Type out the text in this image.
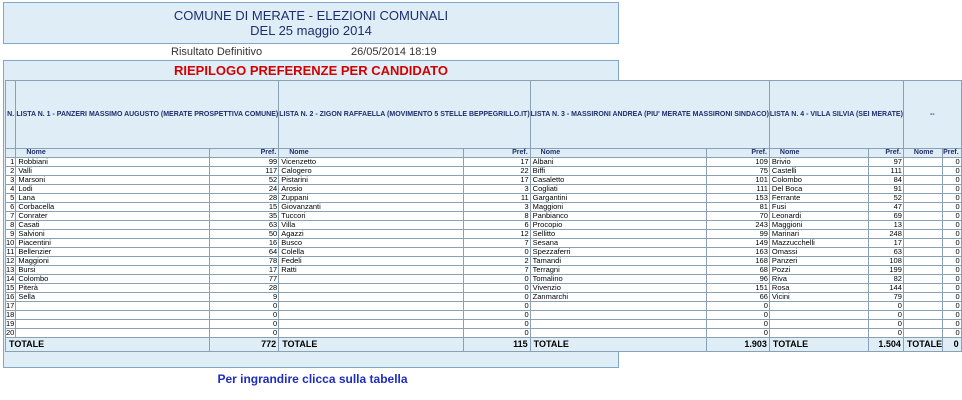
COMUNE DI MERATE - ELEZIONI COMUNALI
DEL 25 maggio 2014
Risultato Definitivo	26/05/2014 18:19
RIEPILOGO PREFERENZE PER CANDIDATO
N.	LISTA N. 1 - PANZERI MASSIMO AUGUSTO (MERATE PROSPETTIVA COMUNE)		LISTA N. 2 - ZIGON RAFFAELLA (MOVIMENTO 5 STELLE BEPPEGRILLO.IT)		LISTA N. 3 - MASSIRONI ANDREA (PIU' MERATE MASSIRONI SINDACO)		LISTA N. 4 - VILLA SILVIA (SEI MERATE)		--	
	Nome	Pref.	Nome	Pref.	Nome	Pref.	Nome	Pref.	Nome	Pref.
1	Robbiani	99	Vicenzetto	17	Albani	109	Brivio	97		0
2	Valli	117	Calogero	22	Biffi	75	Castelli	111		0
3	Marsoni	52	Pistarini	17	Casaletto	101	Colombo	84		0
4	Lodi	24	Arosio	3	Cogliati	111	Del Boca	91		0
5	Lana	28	Zuppani	11	Gargantini	153	Ferrante	52		0
6	Corbacella	15	Giovanzanti	3	Maggioni	81	Fusi	47		0
7	Conrater	35	Tuccori	8	Panbianco	70	Leonardi	69		0
8	Casati	63	Villa	6	Procopio	243	Maggioni	13		0
9	Salvioni	50	Agazzi	12	Sellitto	99	Marinari	248		0
10	Piacentini	16	Busco	7	Sesana	149	Mazzucchelli	17		0
11	Bellenzier	64	Colella	0	Spezzaferri	163	Omassi	63		0
12	Maggioni	78	Fedeli	2	Tamandi	168	Panzeri	108		0
13	Bursi	17	Ratti	7	Terragni	68	Pozzi	199		0
14	Colombo	77		0	Tomalino	96	Riva	82		0
15	Piterà	28		0	Vivenzio	151	Rosa	144		0
16	Sella	9		0	Zanmarchi	66	Vicini	79		0
17		0		0		0		0		0
18		0		0		0		0		0
19		0		0		0		0		0
20		0		0		0		0		0
TOTALE		772	TOTALE	115	TOTALE	1.903	TOTALE	1.504	TOTALE	0
Per ingrandire clicca sulla tabella
